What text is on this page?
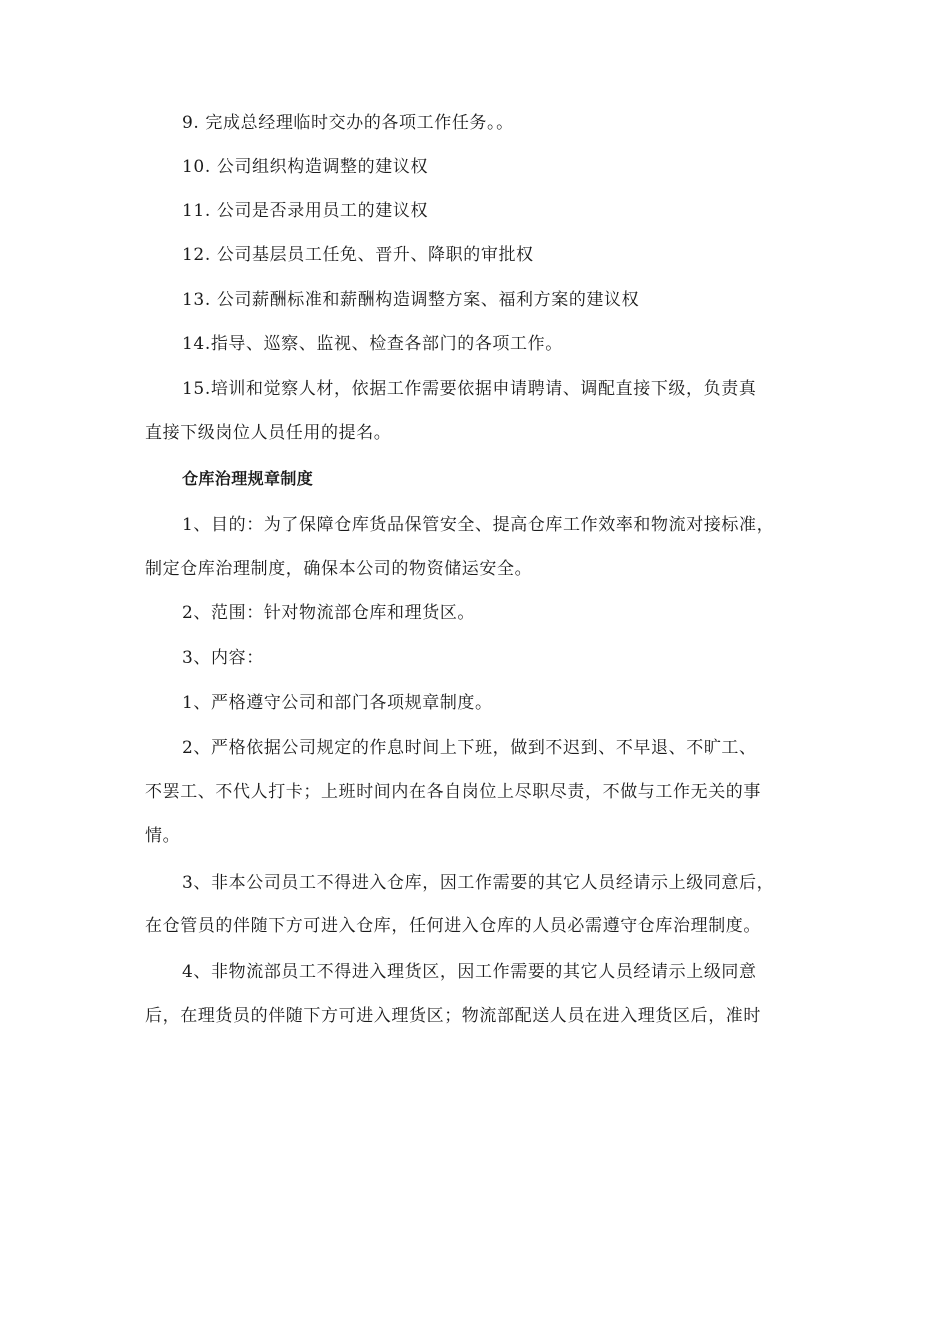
9. 完成总经理临时交办的各项工作任务。。
10. 公司组织构造调整的建议权
11. 公司是否录用员工的建议权
12. 公司基层员工任免、晋升、降职的审批权
13. 公司薪酬标准和薪酬构造调整方案、福利方案的建议权
14.指导、巡察、监视、检查各部门的各项工作。
15.培训和觉察人材，依据工作需要依据申请聘请、调配直接下级，负责真
直接下级岗位人员任用的提名。
仓库治理规章制度
1、目的：为了保障仓库货品保管安全、提高仓库工作效率和物流对接标准，
制定仓库治理制度，确保本公司的物资储运安全。
2、范围：针对物流部仓库和理货区。
3、内容：
1、严格遵守公司和部门各项规章制度。
2、严格依据公司规定的作息时间上下班，做到不迟到、不早退、不旷工、
不罢工、不代人打卡；上班时间内在各自岗位上尽职尽责，不做与工作无关的事
情。
3、非本公司员工不得进入仓库，因工作需要的其它人员经请示上级同意后，
在仓管员的伴随下方可进入仓库，任何进入仓库的人员必需遵守仓库治理制度。
4、非物流部员工不得进入理货区，因工作需要的其它人员经请示上级同意
后，在理货员的伴随下方可进入理货区；物流部配送人员在进入理货区后，准时
